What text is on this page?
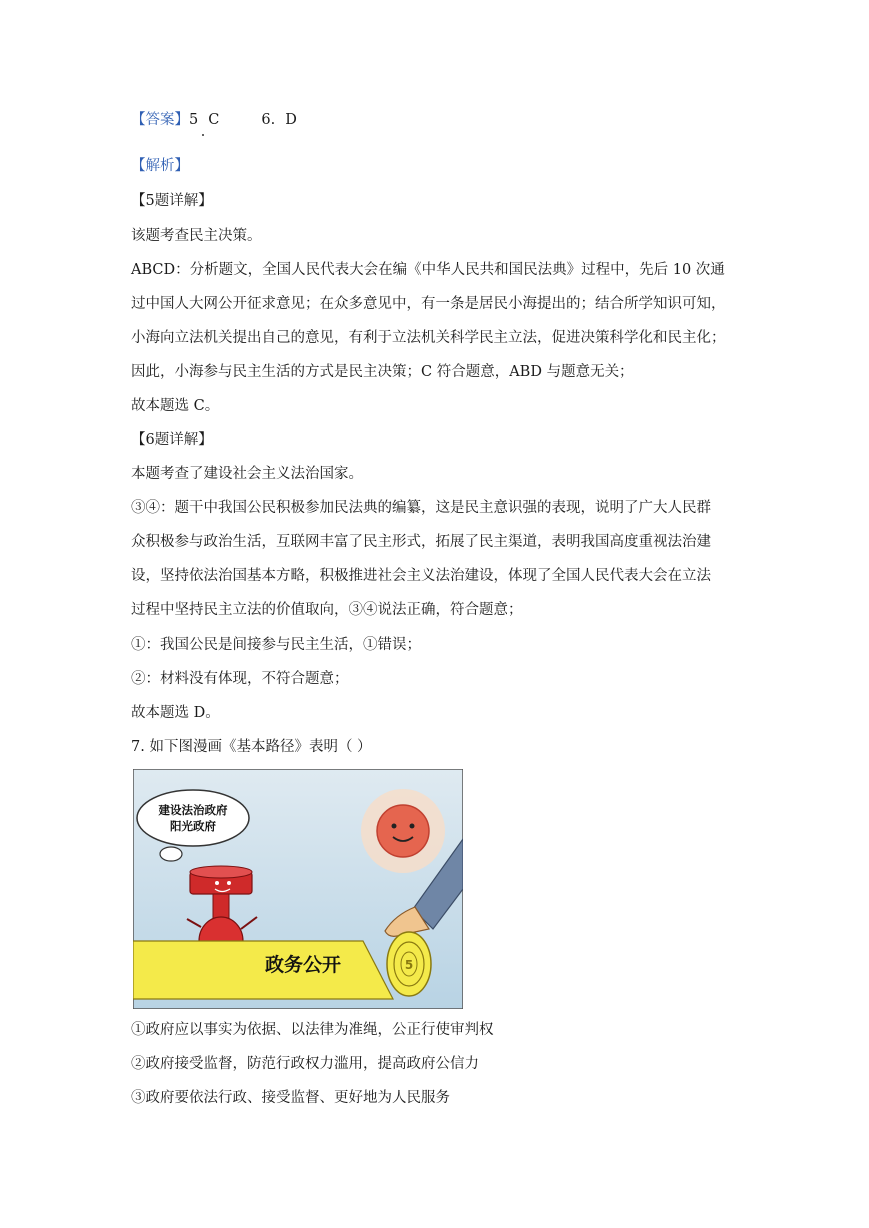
【答案】5 C	6. D
【解析】
【5题详解】
该题考查民主决策。
ABCD：分析题文，全国人民代表大会在编《中华人民共和国民法典》过程中，先后 10 次通
过中国人大网公开征求意见；在众多意见中，有一条是居民小海提出的；结合所学知识可知，
小海向立法机关提出自己的意见，有利于立法机关科学民主立法，促进决策科学化和民主化；
因此，小海参与民主生活的方式是民主决策；C 符合题意，ABD 与题意无关；
故本题选 C。
【6题详解】
本题考查了建设社会主义法治国家。
③④：题干中我国公民积极参加民法典的编纂，这是民主意识强的表现，说明了广大人民群
众积极参与政治生活，互联网丰富了民主形式，拓展了民主渠道，表明我国高度重视法治建
设，坚持依法治国基本方略，积极推进社会主义法治建设，体现了全国人民代表大会在立法
过程中坚持民主立法的价值取向，③④说法正确，符合题意；
①：我国公民是间接参与民主生活，①错误；
②：材料没有体现，不符合题意；
故本题选 D。
7. 如下图漫画《基本路径》表明（ ）
建设法治政府
阳光政府
政务公开	5
①政府应以事实为依据、以法律为准绳，公正行使审判权
②政府接受监督，防范行政权力滥用，提高政府公信力
③政府要依法行政、接受监督、更好地为人民服务
